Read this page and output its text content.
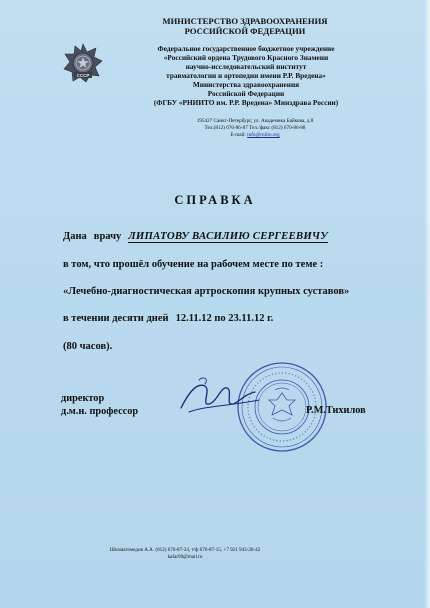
СССР
МИНИСТЕРСТВО ЗДРАВООХРАНЕНИЯ
РОССИЙСКОЙ ФЕДЕРАЦИИ
Федеральное государственное бюджетное учреждение
«Российский ордена Трудового Красного Знамени
научно-исследовательский институт
травматологии и ортопедии имени Р.Р. Вредена»
Министерства здравоохранения
Российской Федерации
(ФГБУ «РНИИТО им. Р.Р. Вредена» Минздрава России)
195427 Санкт-Петербург, ул. Академика Байкова, д.8
Тел.(812) 670-86-87 Тел./факс (812) 670-86-88
E-mail: info@rniito.org
СПРАВКА
Дана врачу ЛИПАТОВУ ВАСИЛИЮ СЕРГЕЕВИЧУ
в том, что прошёл обучение на рабочем месте по теме :
«Лечебно-диагностическая артроскопия крупных суставов»
в течении десяти дней 12.11.12 по 23.11.12 г.
(80 часов).
директор
д.м.н. профессор	Р.М.Тихилов
Шихмагомедов А.А. (812) 670-87-24, т/ф 670-87-15, +7 921 943-20-42
kafar90@mail.ru
